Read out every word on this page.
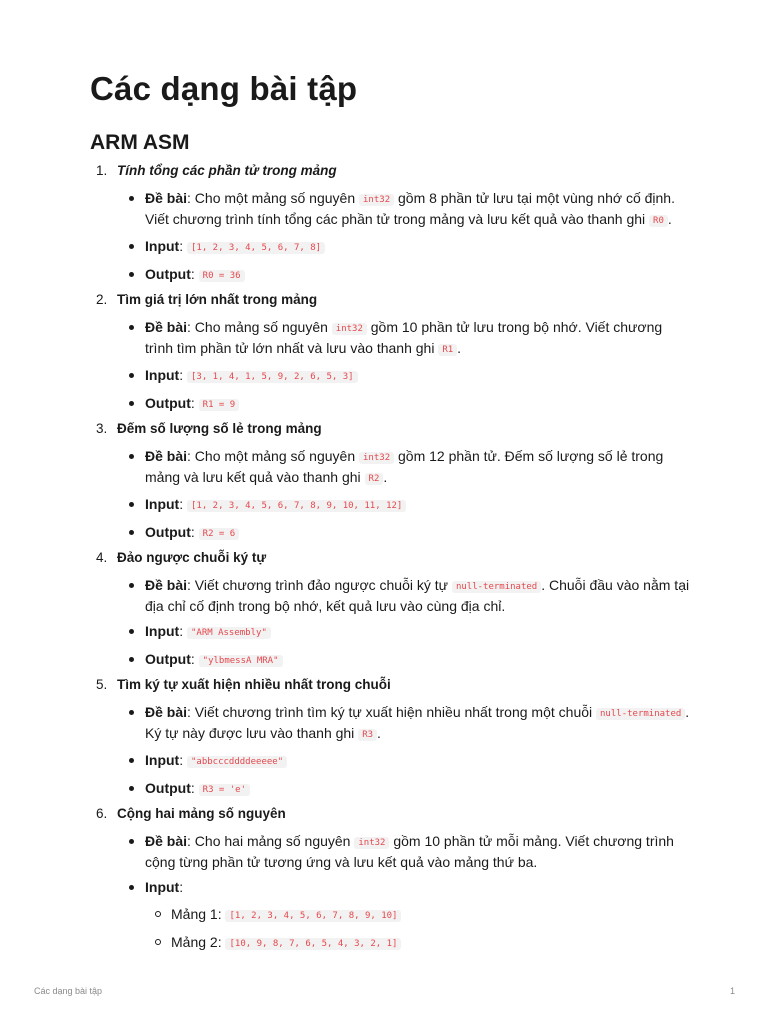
Các dạng bài tập
ARM ASM
1. Tính tổng các phần tử trong mảng
Đề bài: Cho một mảng số nguyên int32 gồm 8 phần tử lưu tại một vùng nhớ cố định. Viết chương trình tính tổng các phần tử trong mảng và lưu kết quả vào thanh ghi R0 .
Input: [1, 2, 3, 4, 5, 6, 7, 8]
Output: R0 = 36
2. Tìm giá trị lớn nhất trong mảng
Đề bài: Cho mảng số nguyên int32 gồm 10 phần tử lưu trong bộ nhớ. Viết chương trình tìm phần tử lớn nhất và lưu vào thanh ghi R1 .
Input: [3, 1, 4, 1, 5, 9, 2, 6, 5, 3]
Output: R1 = 9
3. Đếm số lượng số lẻ trong mảng
Đề bài: Cho một mảng số nguyên int32 gồm 12 phần tử. Đếm số lượng số lẻ trong mảng và lưu kết quả vào thanh ghi R2 .
Input: [1, 2, 3, 4, 5, 6, 7, 8, 9, 10, 11, 12]
Output: R2 = 6
4. Đảo ngược chuỗi ký tự
Đề bài: Viết chương trình đảo ngược chuỗi ký tự null-terminated . Chuỗi đầu vào nằm tại địa chỉ cố định trong bộ nhớ, kết quả lưu vào cùng địa chỉ.
Input: "ARM Assembly"
Output: "ylbmessA MRA"
5. Tìm ký tự xuất hiện nhiều nhất trong chuỗi
Đề bài: Viết chương trình tìm ký tự xuất hiện nhiều nhất trong một chuỗi null-terminated . Ký tự này được lưu vào thanh ghi R3 .
Input: "abbcccddddeeeee"
Output: R3 = 'e'
6. Cộng hai mảng số nguyên
Đề bài: Cho hai mảng số nguyên int32 gồm 10 phần tử mỗi mảng. Viết chương trình cộng từng phần tử tương ứng và lưu kết quả vào mảng thứ ba.
Input:
Mảng 1: [1, 2, 3, 4, 5, 6, 7, 8, 9, 10]
Mảng 2: [10, 9, 8, 7, 6, 5, 4, 3, 2, 1]
Các dạng bài tập	1
